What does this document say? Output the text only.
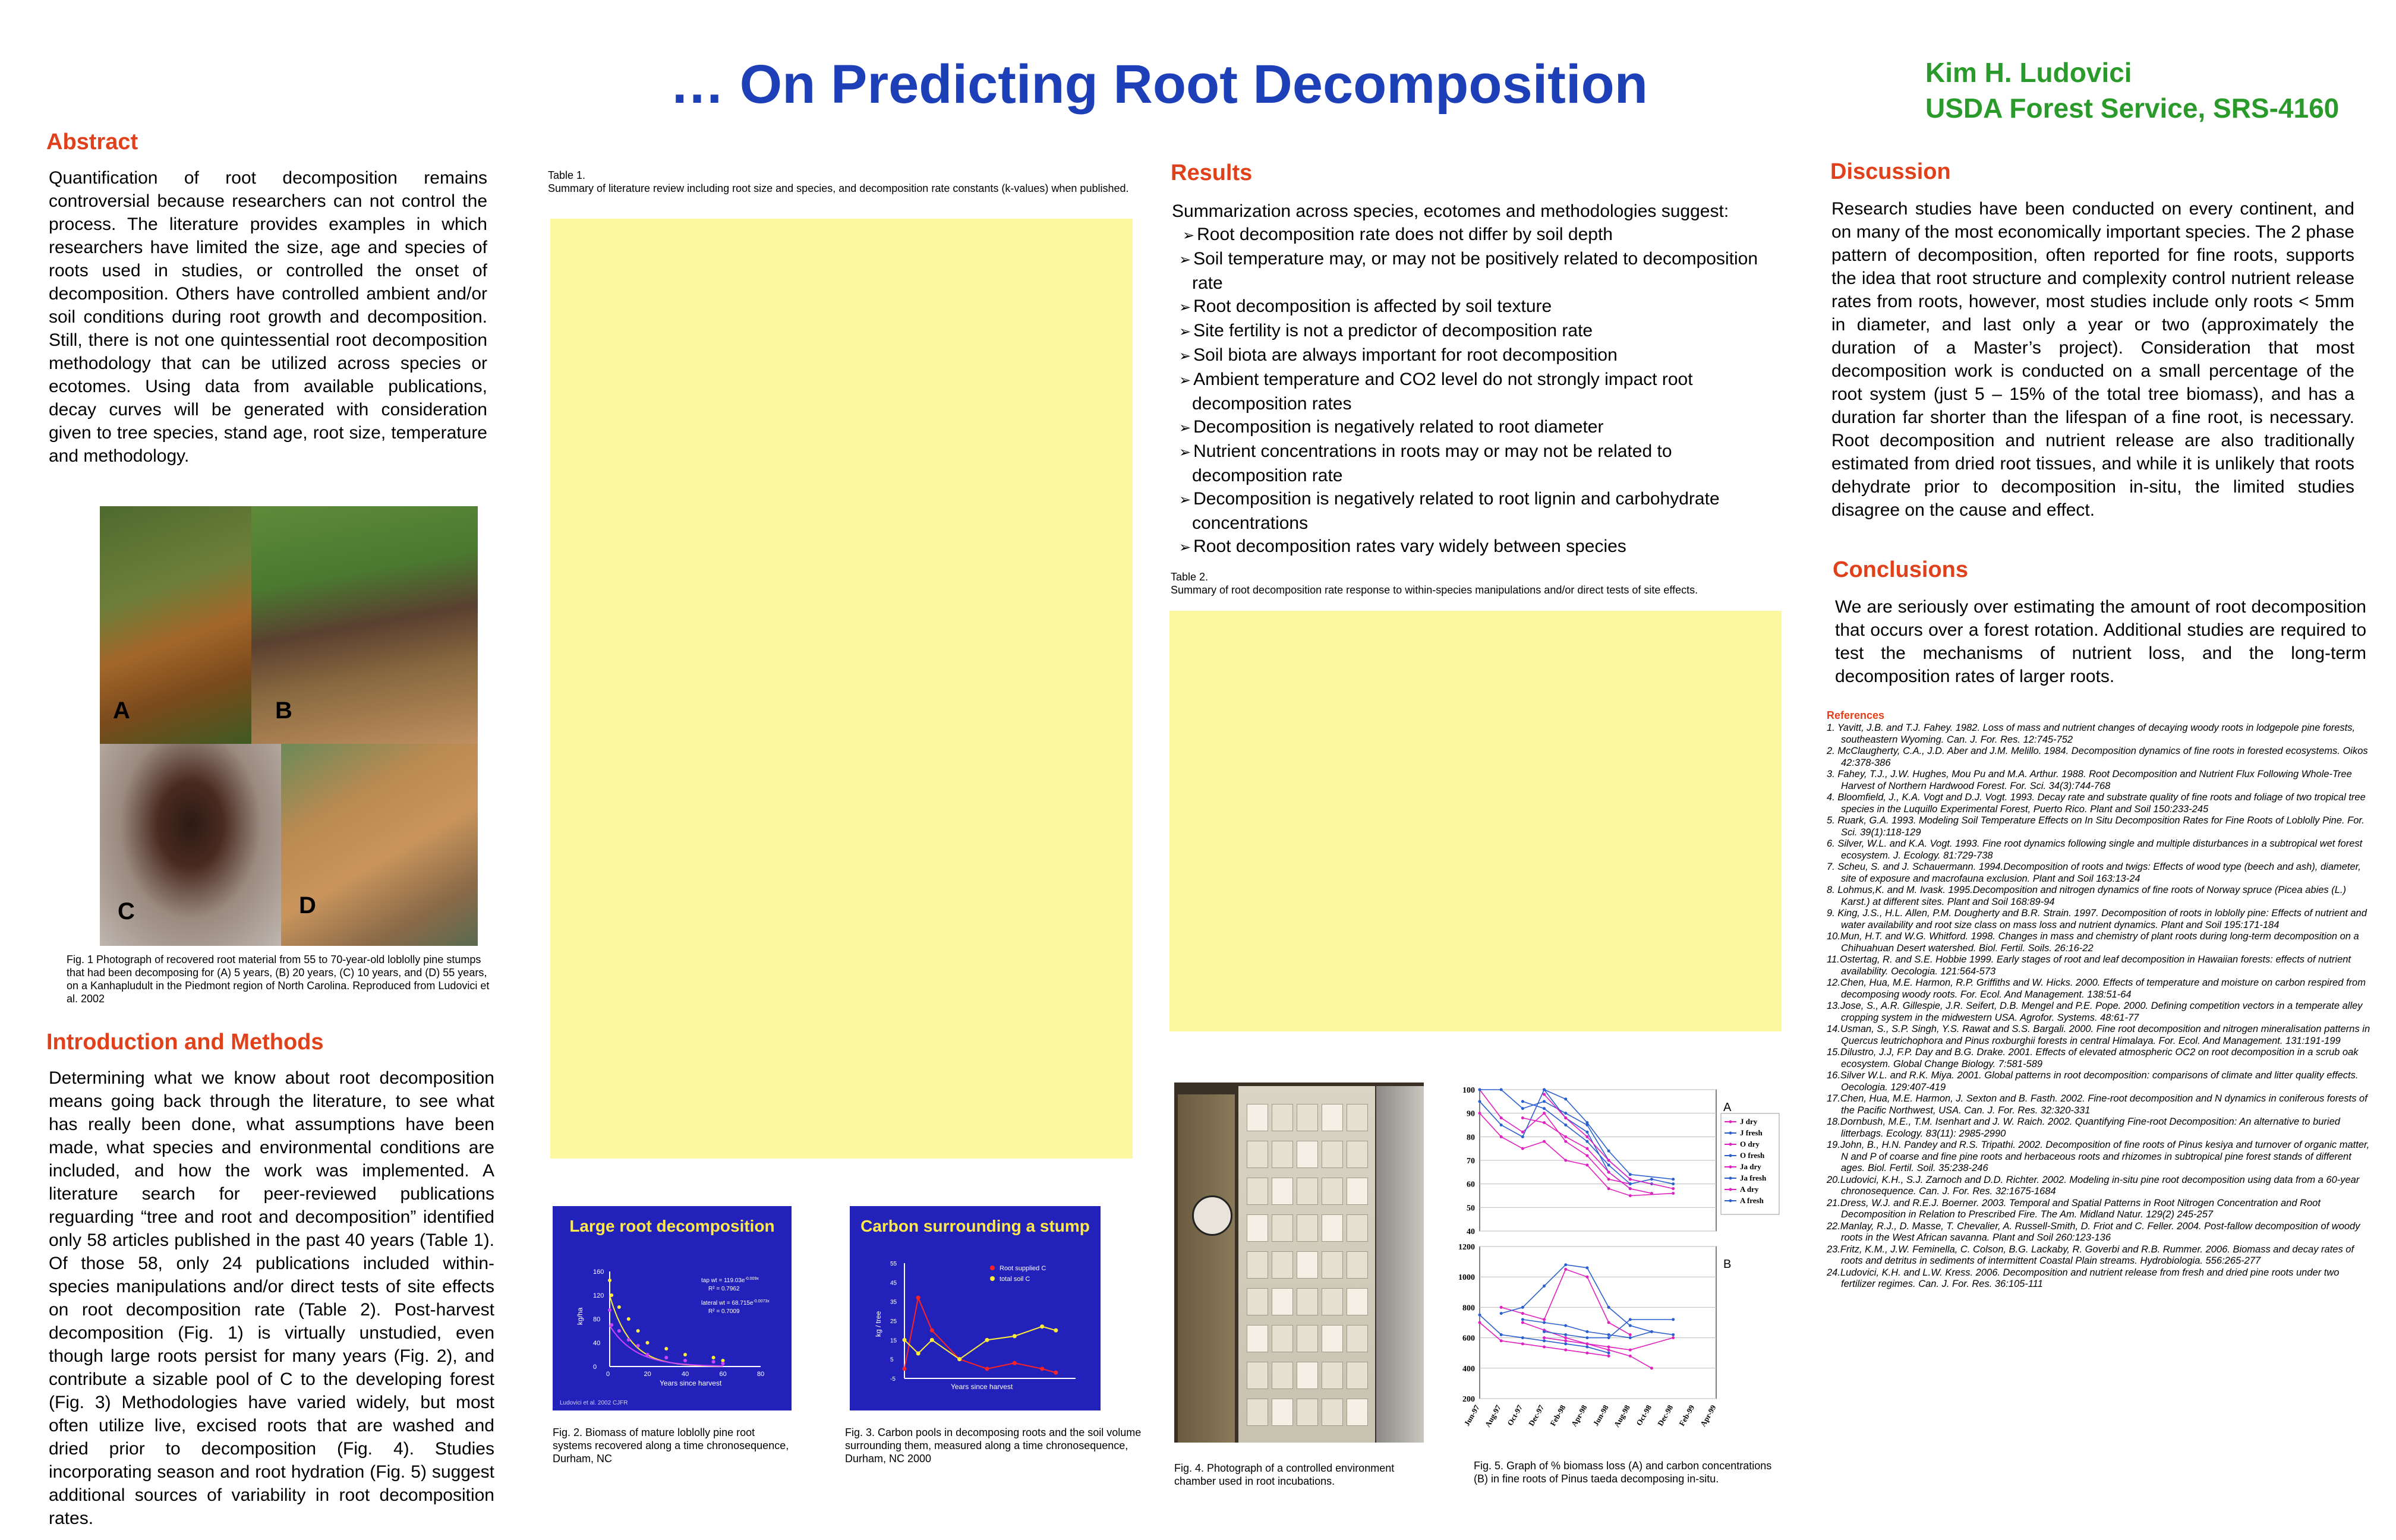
… On Predicting Root Decomposition	Kim H. Ludovici
USDA Forest Service, SRS-4160
Abstract
Quantification of root decomposition remains controversial because researchers can not control the process. The literature provides examples in which researchers have limited the size, age and species of roots used in studies, or controlled the onset of decomposition. Others have controlled ambient and/or soil conditions during root growth and decomposition. Still, there is not one quintessential root decomposition methodology that can be utilized across species or ecotomes. Using data from available publications, decay curves will be generated with consideration given to tree species, stand age, root size, temperature and methodology.
A	B
C	D
Fig. 1 Photograph of recovered root material from 55 to 70-year-old loblolly pine stumps that had been decomposing for (A) 5 years, (B) 20 years, (C) 10 years, and (D) 55 years, on a Kanhapludult in the Piedmont region of North Carolina. Reproduced from Ludovici et al. 2002
Introduction and Methods
Determining what we know about root decomposition means going back through the literature, to see what has really been done, what assumptions have been made, what species and environmental conditions are included, and how the work was implemented. A literature search for peer-reviewed publications reguarding “tree and root and decomposition” identified only 58 articles published in the past 40 years (Table 1). Of those 58, only 24 publications included within-species manipulations and/or direct tests of site effects on root decomposition rate (Table 2). Post-harvest decomposition (Fig. 1) is virtually unstudied, even though large roots persist for many years (Fig. 2), and contribute a sizable pool of C to the developing forest (Fig. 3) Methodologies have varied widely, but most often utilize live, excised roots that are washed and dried prior to decomposition (Fig. 4). Studies incorporating season and root hydration (Fig. 5) suggest additional sources of variability in root decomposition rates.
Table 1.
Summary of literature review including root size and species, and decomposition rate constants (k-values) when published.
Large root decomposition
kg/ha
160
120
80
40
0
0	20	40	60	80
Years since harvest
tap wt = $119.03e^{-0.009x}$
R² = 0.7962
lateral wt = $68.715e^{-0.0073x}$
R² = 0.7009
Ludovici et al. 2002 CJFR
Fig. 2. Biomass of mature loblolly pine root systems recovered along a time chronosequence, Durham, NC
Carbon surrounding a stump
kg / tree
55
45
35
25
15
5
-5
Years since harvest
Root supplied C
total soil C
Fig. 3. Carbon pools in decomposing roots and the soil volume surrounding them, measured along a time chronosequence, Durham, NC 2000
Results
Summarization across species, ecotomes and methodologies suggest:
➢ Root decomposition rate does not differ by soil depth
➢ Soil temperature may, or may not be positively related to decomposition rate
➢ Root decomposition is affected by soil texture
➢ Site fertility is not a predictor of decomposition rate
➢ Soil biota are always important for root decomposition
➢ Ambient temperature and CO2 level do not strongly impact root decomposition rates
➢ Decomposition is negatively related to root diameter
➢ Nutrient concentrations in roots may or may not be related to decomposition rate
➢ Decomposition is negatively related to root lignin and carbohydrate concentrations
➢ Root decomposition rates vary widely between species
Table 2.
Summary of root decomposition rate response to within-species manipulations and/or direct tests of site effects.
Fig. 4. Photograph of a controlled environment chamber used in root incubations.
100
90
80
70
60
50
40
1200
1000
800
600
400
200
Jun-97 Aug-97 Oct-97 Dec-97 Feb-98 Apr-98 Jun-98 Aug-98 Oct-98 Dec-98 Feb-99 Apr-99
J dry
J fresh
O dry
O fresh
Ja dry
Ja fresh
A dry
A fresh
A
B
Fig. 5. Graph of % biomass loss (A) and carbon concentrations (B) in fine roots of Pinus taeda decomposing in-situ.
Discussion
Research studies have been conducted on every continent, and on many of the most economically important species. The 2 phase pattern of decomposition, often reported for fine roots, supports the idea that root structure and complexity control nutrient release rates from roots, however, most studies include only roots < 5mm in diameter, and last only a year or two (approximately the duration of a Master’s project). Consideration that most decomposition work is conducted on a small percentage of the root system (just 5 – 15% of the total tree biomass), and has a duration far shorter than the lifespan of a fine root, is necessary. Root decomposition and nutrient release are also traditionally estimated from dried root tissues, and while it is unlikely that roots dehydrate prior to decomposition in-situ, the limited studies disagree on the cause and effect.
Conclusions
We are seriously over estimating the amount of root decomposition that occurs over a forest rotation. Additional studies are required to test the mechanisms of nutrient loss, and the long-term decomposition rates of larger roots.
References
1. Yavitt, J.B. and T.J. Fahey. 1982. Loss of mass and nutrient changes of decaying woody roots in lodgepole pine forests, southeastern Wyoming. Can. J. For. Res. 12:745-752
2. McClaugherty, C.A., J.D. Aber and J.M. Melillo. 1984. Decomposition dynamics of fine roots in forested ecosystems. Oikos 42:378-386
3. Fahey, T.J., J.W. Hughes, Mou Pu and M.A. Arthur. 1988. Root Decomposition and Nutrient Flux Following Whole-Tree Harvest of Northern Hardwood Forest. For. Sci. 34(3):744-768
4. Bloomfield, J., K.A. Vogt and D.J. Vogt. 1993. Decay rate and substrate quality of fine roots and foliage of two tropical tree species in the Luquillo Experimental Forest, Puerto Rico. Plant and Soil 150:233-245
5. Ruark, G.A. 1993. Modeling Soil Temperature Effects on In Situ Decomposition Rates for Fine Roots of Loblolly Pine. For. Sci. 39(1):118-129
6. Silver, W.L. and K.A. Vogt. 1993. Fine root dynamics following single and multiple disturbances in a subtropical wet forest ecosystem. J. Ecology. 81:729-738
7. Scheu, S. and J. Schauermann. 1994.Decomposition of roots and twigs: Effects of wood type (beech and ash), diameter, site of exposure and macrofauna exclusion. Plant and Soil 163:13-24
8. Lohmus,K. and M. Ivask. 1995.Decomposition and nitrogen dynamics of fine roots of Norway spruce (Picea abies (L.) Karst.) at different sites. Plant and Soil 168:89-94
9. King, J.S., H.L. Allen, P.M. Dougherty and B.R. Strain. 1997. Decomposition of roots in loblolly pine: Effects of nutrient and water availability and root size class on mass loss and nutrient dynamics. Plant and Soil 195:171-184
10.Mun, H.T. and W.G. Whitford. 1998. Changes in mass and chemistry of plant roots during long-term decomposition on a Chihuahuan Desert watershed. Biol. Fertil. Soils. 26:16-22
11.Ostertag, R. and S.E. Hobbie 1999. Early stages of root and leaf decomposition in Hawaiian forests: effects of nutrient availability. Oecologia. 121:564-573
12.Chen, Hua, M.E. Harmon, R.P. Griffiths and W. Hicks. 2000. Effects of temperature and moisture on carbon respired from decomposing woody roots. For. Ecol. And Management. 138:51-64
13.Jose, S., A.R. Gillespie, J.R. Seifert, D.B. Mengel and P.E. Pope. 2000. Defining competition vectors in a temperate alley cropping system in the midwestern USA. Agrofor. Systems. 48:61-77
14.Usman, S., S.P. Singh, Y.S. Rawat and S.S. Bargali. 2000. Fine root decomposition and nitrogen mineralisation patterns in Quercus leutrichophora and Pinus roxburghii forests in central Himalaya. For. Ecol. And Management. 131:191-199
15.Dilustro, J.J, F.P. Day and B.G. Drake. 2001. Effects of elevated atmospheric OC2 on root decomposition in a scrub oak ecosystem. Global Change Biology. 7:581-589
16.Silver W.L. and R.K. Miya. 2001. Global patterns in root decomposition: comparisons of climate and litter quality effects. Oecologia. 129:407-419
17.Chen, Hua, M.E. Harmon, J. Sexton and B. Fasth. 2002. Fine-root decomposition and N dynamics in coniferous forests of the Pacific Northwest, USA. Can. J. For. Res. 32:320-331
18.Dornbush, M.E., T.M. Isenhart and J. W. Raich. 2002. Quantifying Fine-root Decomposition: An alternative to buried litterbags. Ecology. 83(11): 2985-2990
19.John, B., H.N. Pandey and R.S. Tripathi. 2002. Decomposition of fine roots of Pinus kesiya and turnover of organic matter, N and P of coarse and fine pine roots and herbaceous roots and rhizomes in subtropical pine forest stands of different ages. Biol. Fertil. Soil. 35:238-246
20.Ludovici, K.H., S.J. Zarnoch and D.D. Richter. 2002. Modeling in-situ pine root decomposition using data from a 60-year chronosequence. Can. J. For. Res. 32:1675-1684
21.Dress, W.J. and R.E.J. Boerner. 2003. Temporal and Spatial Patterns in Root Nitrogen Concentration and Root Decomposition in Relation to Prescribed Fire. The Am. Midland Natur. 129(2) 245-257
22.Manlay, R.J., D. Masse, T. Chevalier, A. Russell-Smith, D. Friot and C. Feller. 2004. Post-fallow decomposition of woody roots in the West African savanna. Plant and Soil 260:123-136
23.Fritz, K.M., J.W. Feminella, C. Colson, B.G. Lackaby, R. Goverbi and R.B. Rummer. 2006. Biomass and decay rates of roots and detritus in sediments of intermittent Coastal Plain streams. Hydrobiologia. 556:265-277
24.Ludovici, K.H. and L.W. Kress. 2006. Decomposition and nutrient release from fresh and dried pine roots under two fertilizer regimes. Can. J. For. Res. 36:105-111
